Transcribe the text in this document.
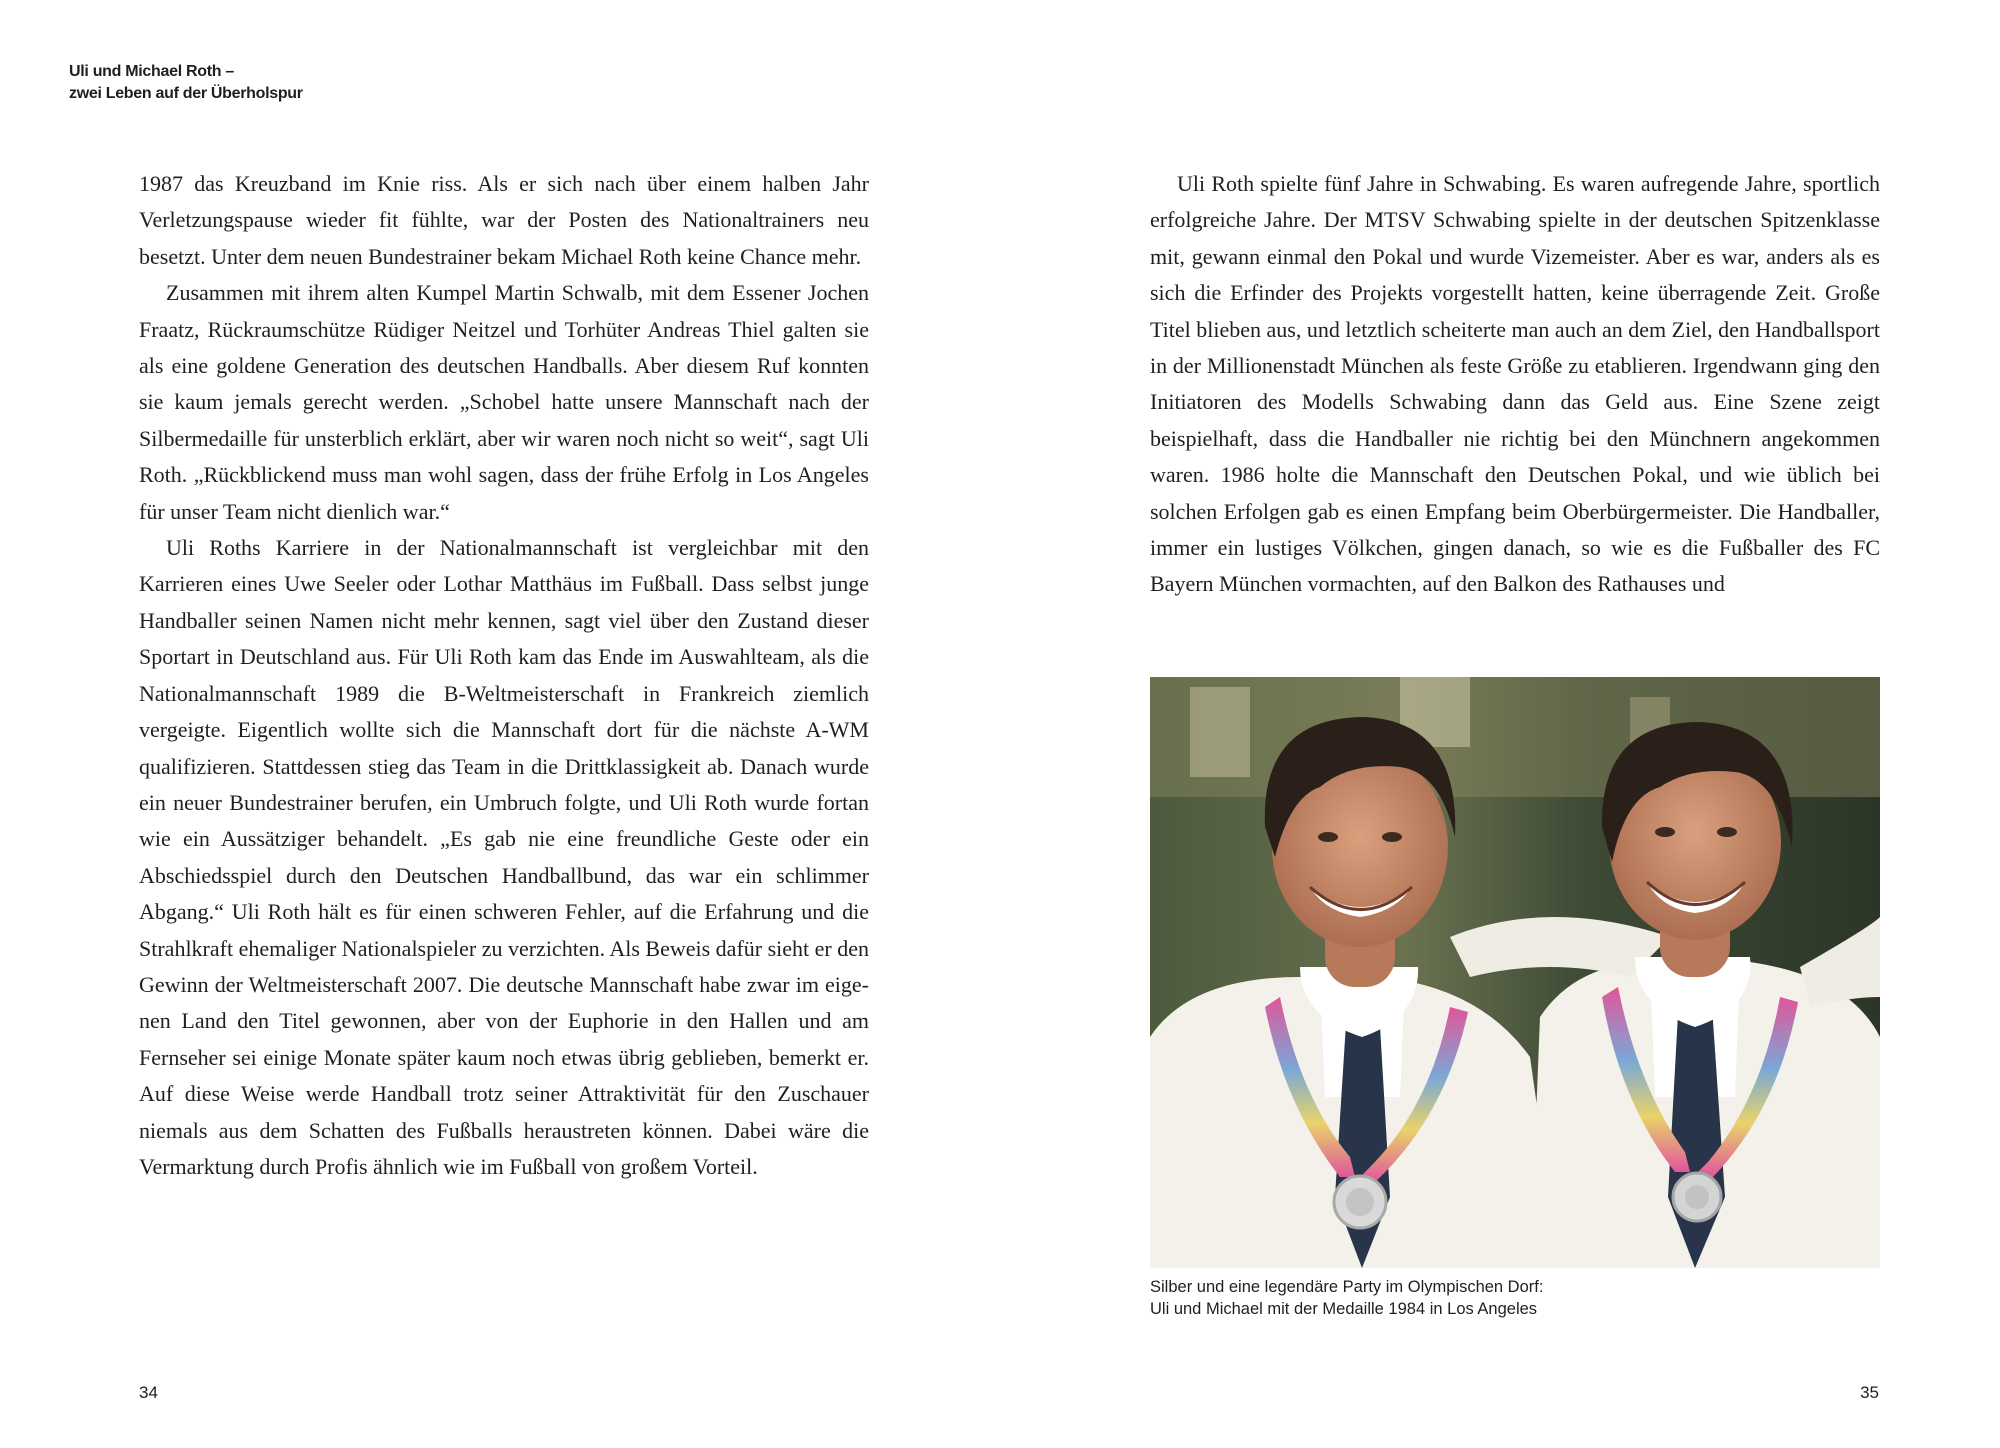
Uli und Michael Roth –
zwei Leben auf der Überholspur

1987 das Kreuzband im Knie riss. Als er sich nach über einem halben Jahr Verletzungspause wieder fit fühlte, war der Posten des Nationaltrainers neu besetzt. Unter dem neuen Bundestrainer bekam Michael Roth keine Chance mehr.

Zusammen mit ihrem alten Kumpel Martin Schwalb, mit dem Essener Jochen Fraatz, Rückraumschütze Rüdiger Neitzel und Torhüter Andreas Thiel galten sie als eine goldene Generation des deutschen Handballs. Aber diesem Ruf konnten sie kaum jemals gerecht werden. „Schobel hatte unsere Mannschaft nach der Silbermedaille für unsterblich erklärt, aber wir waren noch nicht so weit“, sagt Uli Roth. „Rückblickend muss man wohl sagen, dass der frühe Erfolg in Los Angeles für unser Team nicht dienlich war.“

Uli Roths Karriere in der Nationalmannschaft ist vergleichbar mit den Karrieren eines Uwe Seeler oder Lothar Matthäus im Fußball. Dass selbst junge Handballer seinen Namen nicht mehr kennen, sagt viel über den Zustand dieser Sportart in Deutschland aus. Für Uli Roth kam das Ende im Auswahlteam, als die Nationalmannschaft 1989 die B-Weltmeisterschaft in Frankreich ziemlich vergeigte. Eigentlich wollte sich die Mannschaft dort für die nächste A-WM qualifizieren. Stattdessen stieg das Team in die Drittklassigkeit ab. Danach wurde ein neuer Bundestrainer berufen, ein Umbruch folgte, und Uli Roth wurde fortan wie ein Aussätziger behandelt. „Es gab nie eine freundliche Geste oder ein Abschiedsspiel durch den Deutschen Handballbund, das war ein schlimmer Abgang.“ Uli Roth hält es für einen schweren Fehler, auf die Erfahrung und die Strahlkraft ehemaliger Nationalspieler zu verzichten. Als Beweis dafür sieht er den Gewinn der Weltmeisterschaft 2007. Die deutsche Mannschaft habe zwar im eigenen Land den Titel gewonnen, aber von der Euphorie in den Hallen und am Fernseher sei einige Monate später kaum noch etwas übrig geblieben, bemerkt er. Auf diese Weise werde Handball trotz seiner Attraktivität für den Zuschauer niemals aus dem Schatten des Fußballs heraustreten können. Dabei wäre die Vermarktung durch Profis ähnlich wie im Fußball von großem Vorteil.

Uli Roth spielte fünf Jahre in Schwabing. Es waren aufregende Jahre, sportlich erfolgreiche Jahre. Der MTSV Schwabing spielte in der deutschen Spitzenklasse mit, gewann einmal den Pokal und wurde Vizemeister. Aber es war, anders als es sich die Erfinder des Projekts vorgestellt hatten, keine überragende Zeit. Große Titel blieben aus, und letztlich scheiterte man auch an dem Ziel, den Handballsport in der Millionenstadt München als feste Größe zu etablieren. Irgendwann ging den Initiatoren des Modells Schwabing dann das Geld aus. Eine Szene zeigt beispielhaft, dass die Handballer nie richtig bei den Münchnern angekommen waren. 1986 holte die Mannschaft den Deutschen Pokal, und wie üblich bei solchen Erfolgen gab es einen Empfang beim Oberbürgermeister. Die Handballer, immer ein lustiges Völkchen, gingen danach, so wie es die Fußballer des FC Bayern München vormachten, auf den Balkon des Rathauses und

Silber und eine legendäre Party im Olympischen Dorf:
Uli und Michael mit der Medaille 1984 in Los Angeles
34	35
